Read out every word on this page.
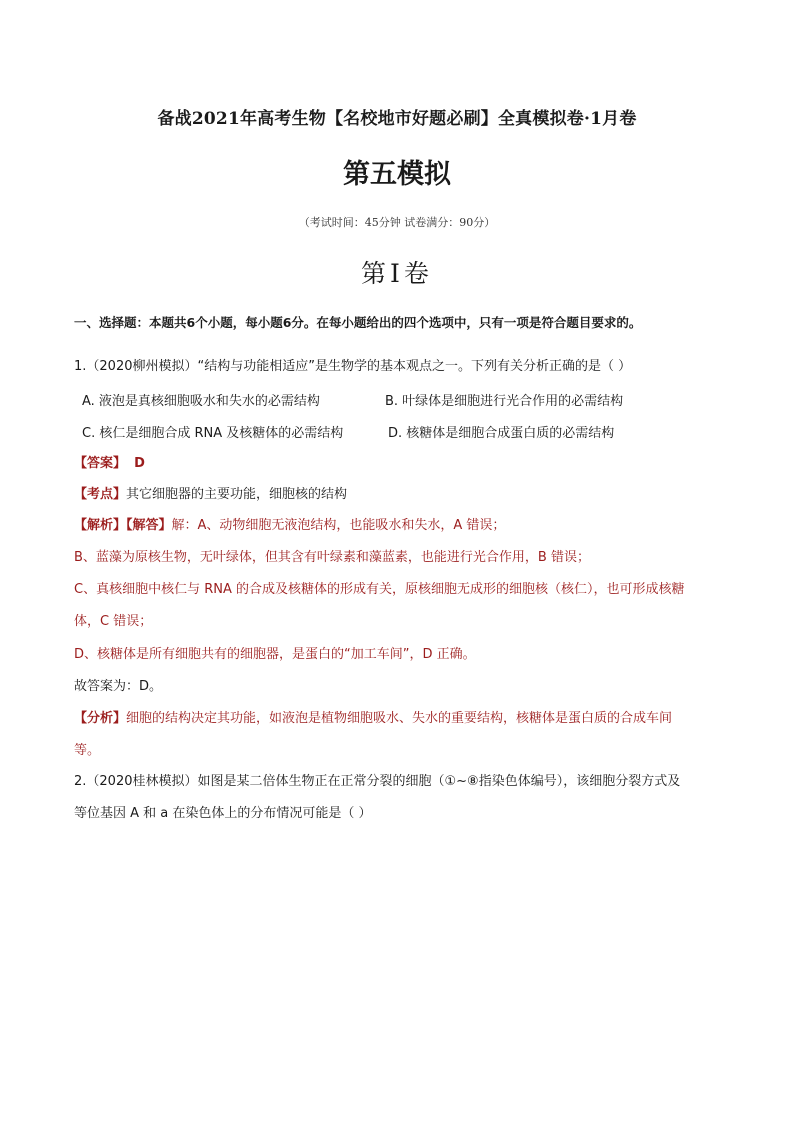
备战2021年高考生物【名校地市好题必刷】全真模拟卷·1月卷
第五模拟
（考试时间：45分钟 试卷满分：90分）
第Ⅰ卷
一、选择题：本题共6个小题，每小题6分。在每小题给出的四个选项中，只有一项是符合题目要求的。
1.（2020柳州模拟）“结构与功能相适应”是生物学的基本观点之一。下列有关分析正确的是（ ）
A. 液泡是真核细胞吸水和失水的必需结构	B. 叶绿体是细胞进行光合作用的必需结构
C. 核仁是细胞合成 RNA 及核糖体的必需结构	D. 核糖体是细胞合成蛋白质的必需结构
【答案】 D
【考点】其它细胞器的主要功能，细胞核的结构
【解析】【解答】解：A、动物细胞无液泡结构，也能吸水和失水，A 错误；
B、蓝藻为原核生物，无叶绿体，但其含有叶绿素和藻蓝素，也能进行光合作用，B 错误；
C、真核细胞中核仁与 RNA 的合成及核糖体的形成有关，原核细胞无成形的细胞核（核仁），也可形成核糖
体，C 错误；
D、核糖体是所有细胞共有的细胞器，是蛋白的“加工车间”，D 正确。
故答案为：D。
【分析】细胞的结构决定其功能，如液泡是植物细胞吸水、失水的重要结构，核糖体是蛋白质的合成车间
等。
2.（2020桂林模拟）如图是某二倍体生物正在正常分裂的细胞（①~⑧指染色体编号），该细胞分裂方式及
等位基因 A 和 a 在染色体上的分布情况可能是（ ）
